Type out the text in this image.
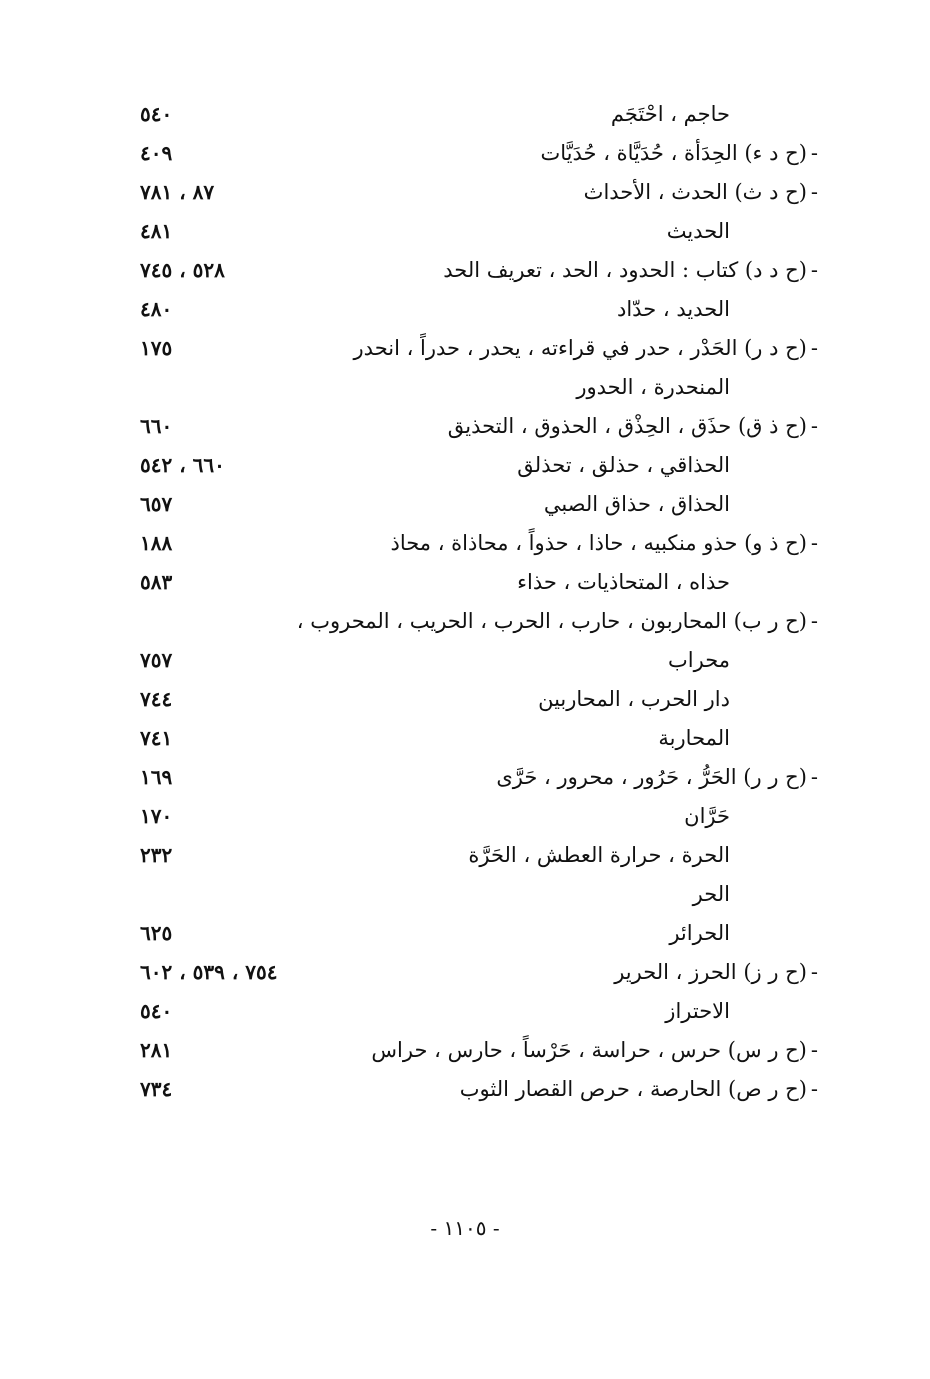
حاجم ، احْتَجَم
٥٤٠
-(ح د ء) الحِدَأة ، حُدَيَّاة ، حُدَيَّات
٤٠٩
-(ح د ث) الحدث ، الأحداث
٨٧ ، ٧٨١
الحديث
٤٨١
-(ح د د) كتاب : الحدود ، الحد ، تعريف الحد
٥٢٨ ، ٧٤٥
الحديد ، حدّاد
٤٨٠
-(ح د ر) الحَدْر ، حدر في قراءته ، يحدر ، حدراً ، انحدر
١٧٥
المنحدرة ، الحدور
-(ح ذ ق) حذَق ، الحِذْق ، الحذوق ، التحذيق
٦٦٠
الحذاقي ، حذلق ، تحذلق
٦٦٠ ، ٥٤٢
الحذاق ، حذاق الصبي
٦٥٧
-(ح ذ و) حذو منكبيه ، حاذا ، حذواً ، محاذاة ، محاذ
١٨٨
حذاه ، المتحاذيات ، حذاء
٥٨٣
-(ح ر ب) المحاربون ، حارب ، الحرب ، الحريب ، المحروب ،
محراب
٧٥٧
دار الحرب ، المحاربين
٧٤٤
المحاربة
٧٤١
-(ح ر ر) الحَرُّ ، حَرُور ، محرور ، حَرَّى
١٦٩
حَرَّان
١٧٠
الحرة ، حرارة العطش ، الحَرَّة
٢٣٢
الحر
الحرائر
٦٢٥
-(ح ر ز) الحرز ، الحرير
٧٥٤ ، ٥٣٩ ، ٦٠٢
الاحتراز
٥٤٠
-(ح ر س) حرس ، حراسة ، حَرْساً ، حارس ، حراس
٢٨١
-(ح ر ص) الحارصة ، حرص القصار الثوب
٧٣٤
- ١١٠٥ -
